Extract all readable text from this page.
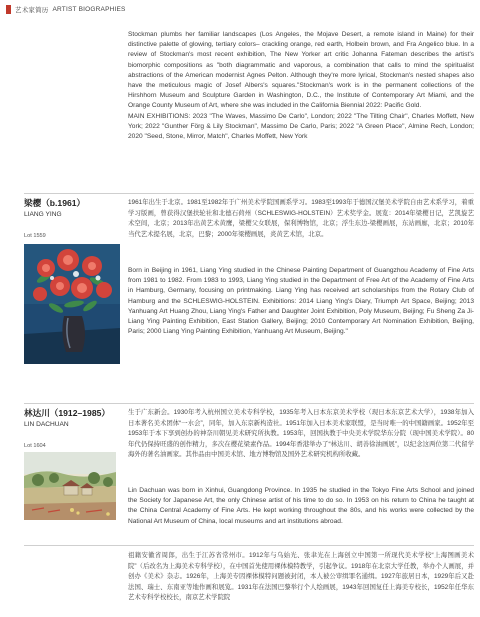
艺术家简历 ARTIST BIOGRAPHIES

Stockman plumbs her familiar landscapes (Los Angeles, the Mojave Desert, a remote island in Maine) for their distinctive palette of glowing, tertiary colors– crackling orange, red earth, Holbein brown, and Fra Angelico blue. In a review of Stockman's most recent exhibition, The New Yorker art critic Johanna Fateman describes the artist's biomorphic compositions as "both diagrammatic and vaporous, a combination that calls to mind the spiritualist abstractions of the American modernist Agnes Pelton. Although they're more lyrical, Stockman's nested shapes also have the meticulous magic of Josef Albers's squares."Stockman's work is in the permanent collections of the Hirshhorn Museum and Sculpture Garden in Washington, D.C., the Institute of Contemporary Art Miami, and the Orange County Museum of Art, where she was included in the California Biennial 2022: Pacific Gold.
MAIN EXHIBITIONS: 2023 "The Waves, Massimo De Carlo", London; 2022 "The Tilting Chair", Charles Moffett, New York; 2022 "Gunther Förg & Lily Stockman", Massimo De Carlo, Paris; 2022 "A Green Place", Almine Rech, London; 2020 "Seed, Stone, Mirror, Match", Charles Moffett, New York

梁樱（b.1961）
LIANG YING
Lot 1559

1961年出生于北京。1981至1982年于广州美术学院国画系学习。1983至1993年于德国汉堡美术学院自由艺术系学习，着重学习版画，曾获得汉堡扶轮社和北德石荷州（SCHLESWIG-HOLSTEIN）艺术奖学金。展览：2014年梁樱日记，艺凯旋艺术空间，北京；2013年出黄艺术黄鹰，梁樱父女联展，保利博物馆，北京；浮生东边-梁樱画展，东站画廊，北京；2010年当代艺术提名展，北京，巴黎；2000年梁樱画展，炎黄艺术馆，北京。

Born in Beijing in 1961, Liang Ying studied in the Chinese Painting Department of Guangzhou Academy of Fine Arts from 1981 to 1982. From 1983 to 1993, Liang Ying studied in the Department of Free Art of the Academy of Fine Arts in Hamburg, Germany, focusing on printmaking. Liang Ying has received art scholarships from the Rotary Club of Hamburg and the SCHLESWIG-HOLSTEIN. Exhibitions: 2014 Liang Ying's Diary, Triumph Art Space, Beijing; 2013 Yanhuang Art Huang Zhou, Liang Ying's Father and Daughter Joint Exhibition, Poly Museum, Beijing; Fu Sheng Za Ji-Liang Ying Painting Exhibition, East Station Gallery, Beijing; 2010 Contemporary Art Nomination Exhibition, Beijing, Paris; 2000 Liang Ying Painting Exhibition, Yanhuang Art Museum, Beijing."

林达川（1912–1985）
LIN DACHUAN
Lot 1604

生于广东新会。1930年考入杭州国立美术专科学校，1935年考入日本东京美术学校（现日本东京艺术大学），1938年加入日本著名美术团体“一水会”，同年，加入东京新构造社。1951年加入日本美术家联盟，是当时唯一的中国籍画家。1952年至1953年于本下享到创办的神奈川朝见美术研究所执教。1953年，回国执教于中央美术学院华东分院（现中国美术学院）。80年代仍保持旺盛的创作精力，多次在樱花梁素作品。1994年香港举办了“林达川、胡善徐油画展”，以纪念这两位第二代留学海外的著名油画家。其作品由中国美术馆、地方博物馆及国外艺术研究机构所收藏。

Lin Dachuan was born in Xinhui, Guangdong Province. In 1935 he studied in the Tokyo Fine Arts School and joined the Society for Japanese Art, the only Chinese artist of his time to do so. In 1953 on his return to China he taught at the China Central Academy of Fine Arts. He kept working throughout the 80s, and his works were collected by the National Art Museum of China, local museums and art institutions abroad.

祖籍安徽省周郎，出生于江苏省常州市。1912年与乌始光、张聿光在上海创立中国第一所现代美术学校“上海图画美术院”（后改名为上海美术专科学校），在中国首先使用裸体模特教学，引起争议。1918年在北京大学任教，举办个人画展，并创办《美术》杂志。1926年，上海美专因裸体模特问题被封闭，本人被公审缉罪名通缉。1927年旅居日本，1929年后又赴法国、瑞士、东南亚等地作画和展览。1931年在法国巴黎举行个人绘画展，1943年回国复任上海美专校长，1952年任华东艺术专科学校校长，南京艺术学院院
